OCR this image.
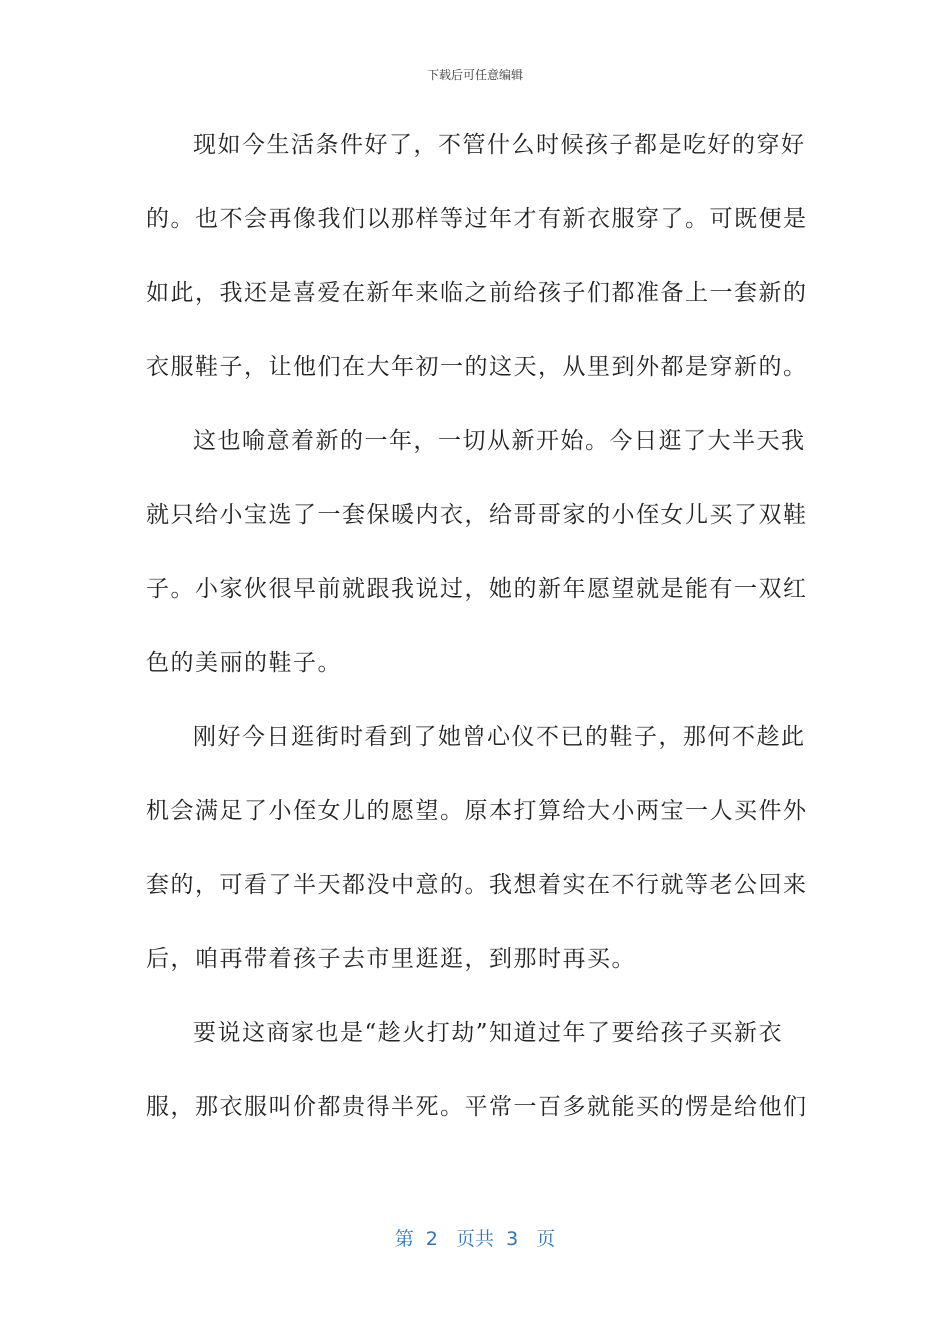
下载后可任意编辑
现如今生活条件好了，不管什么时候孩子都是吃好的穿好
的。也不会再像我们以那样等过年才有新衣服穿了。可既便是
如此，我还是喜爱在新年来临之前给孩子们都准备上一套新的
衣服鞋子，让他们在大年初一的这天，从里到外都是穿新的。
这也喻意着新的一年，一切从新开始。今日逛了大半天我
就只给小宝选了一套保暖内衣，给哥哥家的小侄女儿买了双鞋
子。小家伙很早前就跟我说过，她的新年愿望就是能有一双红
色的美丽的鞋子。
刚好今日逛街时看到了她曾心仪不已的鞋子，那何不趁此
机会满足了小侄女儿的愿望。原本打算给大小两宝一人买件外
套的，可看了半天都没中意的。我想着实在不行就等老公回来
后，咱再带着孩子去市里逛逛，到那时再买。
要说这商家也是“趁火打劫”知道过年了要给孩子买新衣
服，那衣服叫价都贵得半死。平常一百多就能买的愣是给他们
第  2   页共  3   页
